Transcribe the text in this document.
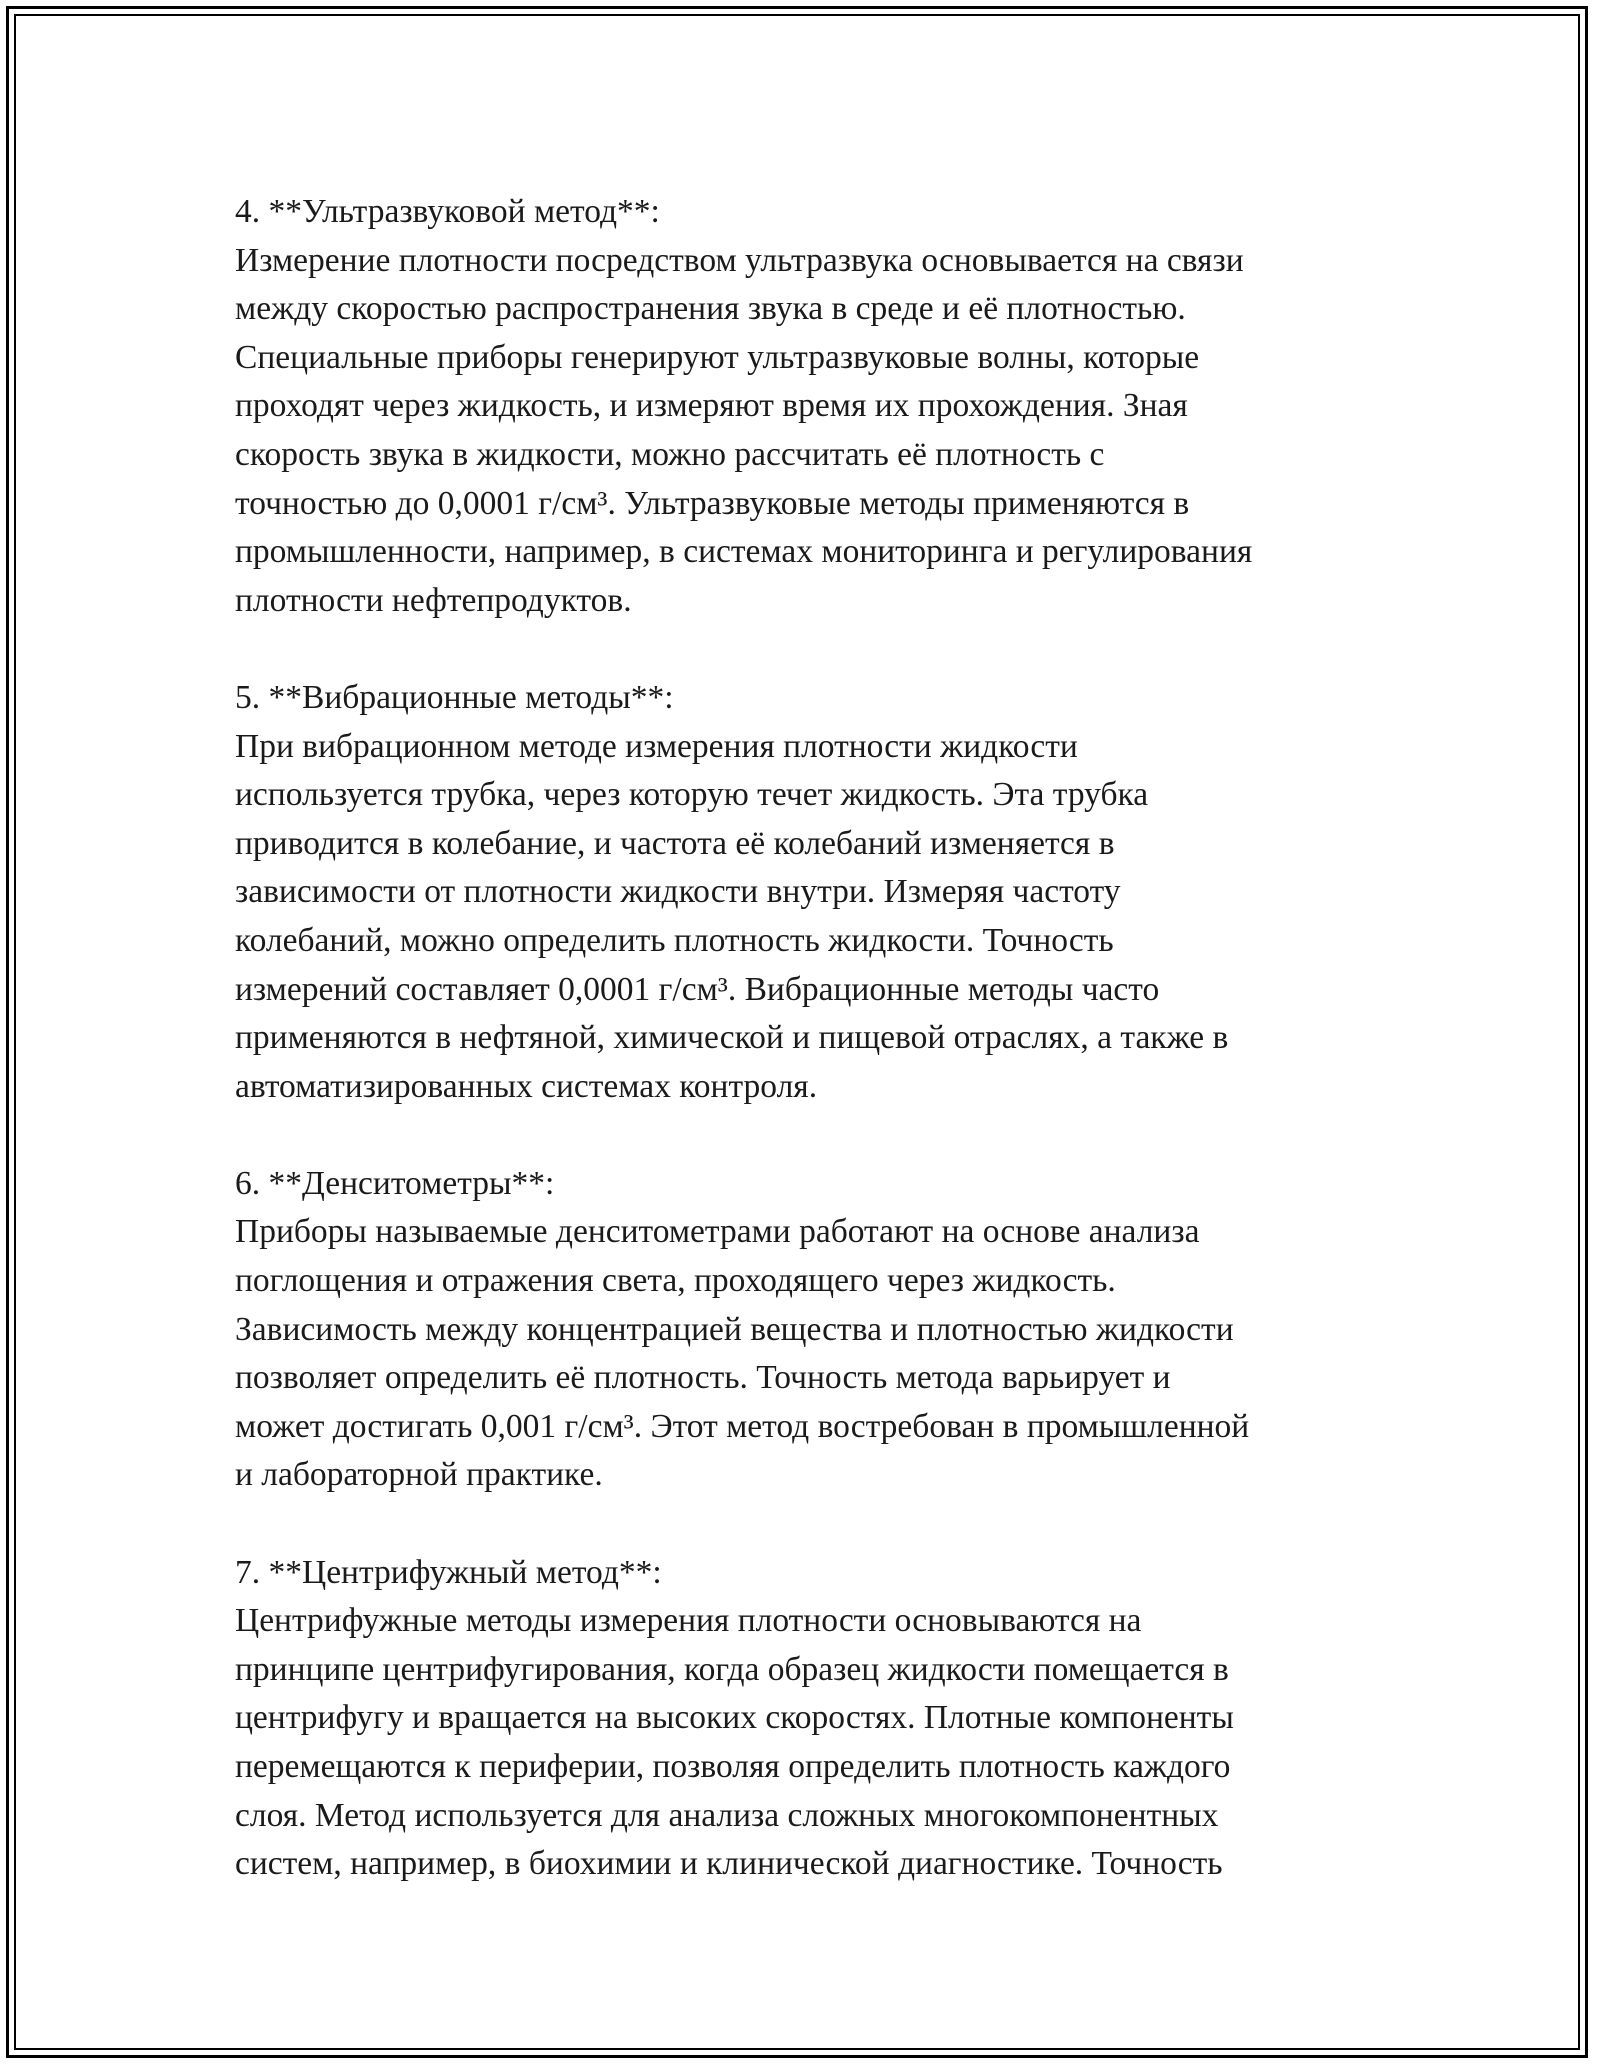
4. **Ультразвуковой метод**:
Измерение плотности посредством ультразвука основывается на связи
между скоростью распространения звука в среде и её плотностью.
Специальные приборы генерируют ультразвуковые волны, которые
проходят через жидкость, и измеряют время их прохождения. Зная
скорость звука в жидкости, можно рассчитать её плотность с
точностью до 0,0001 г/см³. Ультразвуковые методы применяются в
промышленности, например, в системах мониторинга и регулирования
плотности нефтепродуктов.
5. **Вибрационные методы**:
При вибрационном методе измерения плотности жидкости
используется трубка, через которую течет жидкость. Эта трубка
приводится в колебание, и частота её колебаний изменяется в
зависимости от плотности жидкости внутри. Измеряя частоту
колебаний, можно определить плотность жидкости. Точность
измерений составляет 0,0001 г/см³. Вибрационные методы часто
применяются в нефтяной, химической и пищевой отраслях, а также в
автоматизированных системах контроля.
6. **Денситометры**:
Приборы называемые денситометрами работают на основе анализа
поглощения и отражения света, проходящего через жидкость.
Зависимость между концентрацией вещества и плотностью жидкости
позволяет определить её плотность. Точность метода варьирует и
может достигать 0,001 г/см³. Этот метод востребован в промышленной
и лабораторной практике.
7. **Центрифужный метод**:
Центрифужные методы измерения плотности основываются на
принципе центрифугирования, когда образец жидкости помещается в
центрифугу и вращается на высоких скоростях. Плотные компоненты
перемещаются к периферии, позволяя определить плотность каждого
слоя. Метод используется для анализа сложных многокомпонентных
систем, например, в биохимии и клинической диагностике. Точность
